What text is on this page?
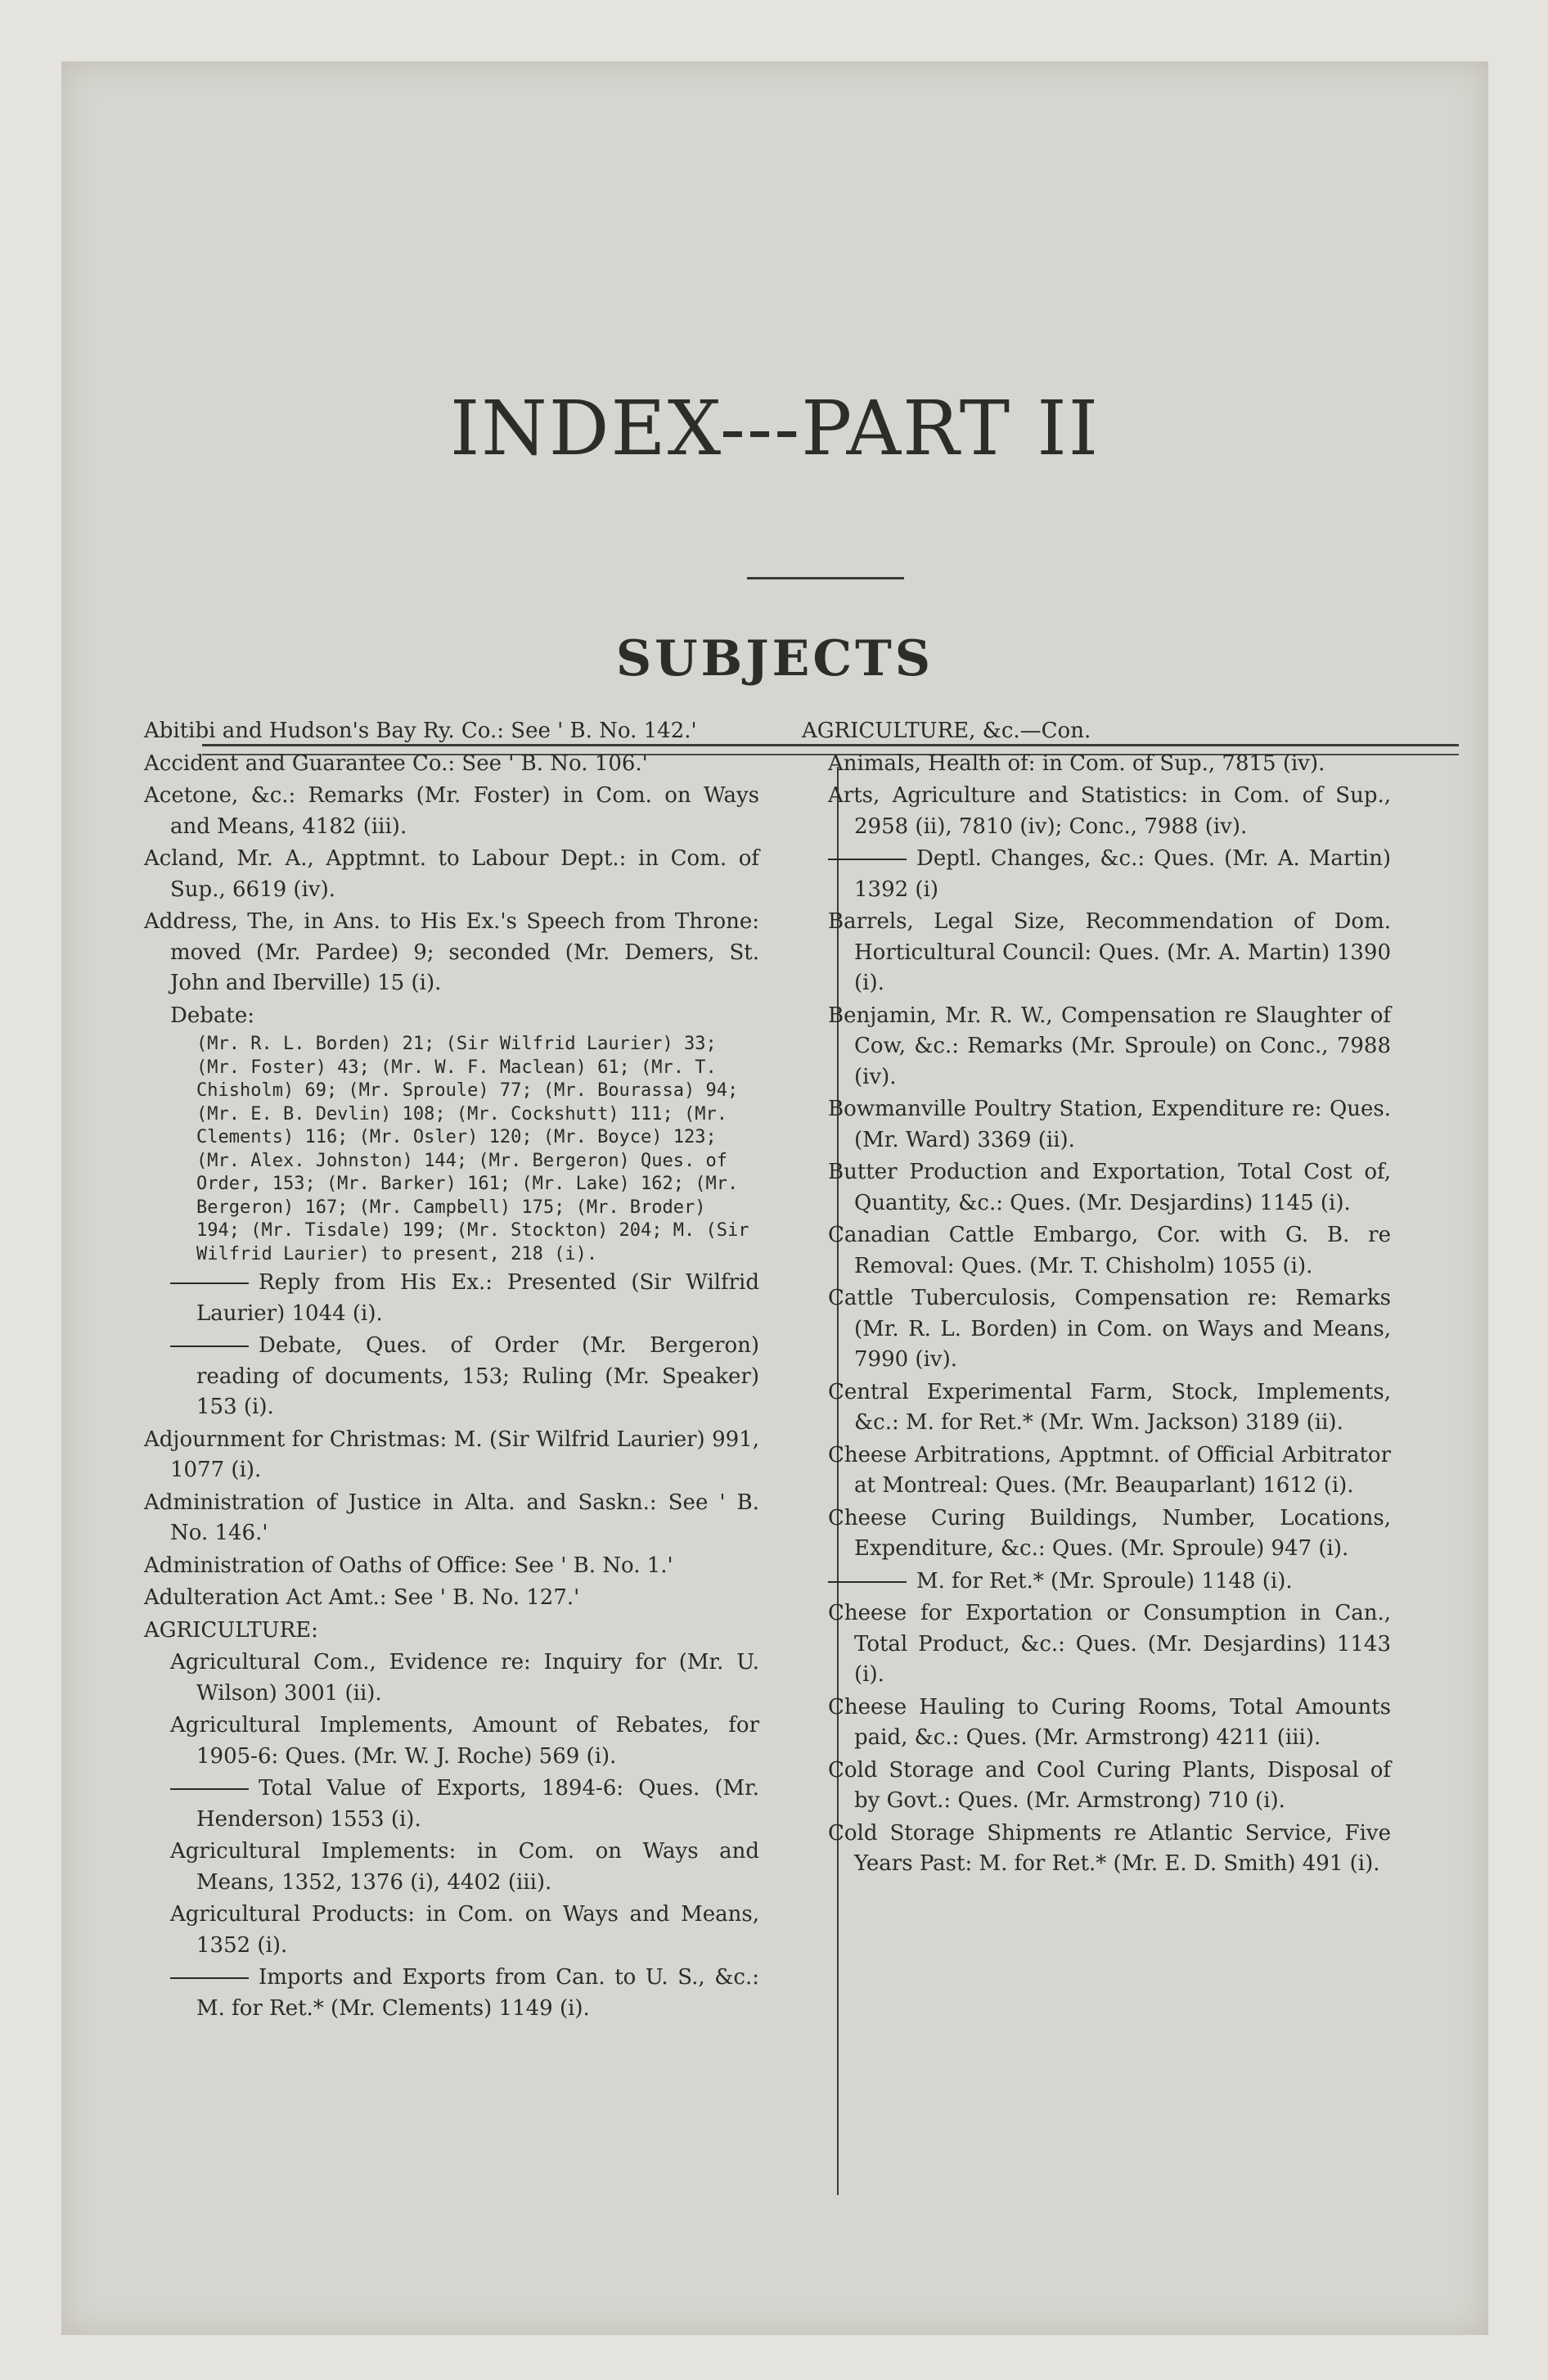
INDEX---PART II
SUBJECTS

Abitibi and Hudson's Bay Ry. Co.: See ' B. No. 142.'

Accident and Guarantee Co.: See ' B. No. 106.'

Acetone, &c.: Remarks (Mr. Foster) in Com. on Ways and Means, 4182 (iii).

Acland, Mr. A., Apptmnt. to Labour Dept.: in Com. of Sup., 6619 (iv).

Address, The, in Ans. to His Ex.'s Speech from Throne: moved (Mr. Pardee) 9; seconded (Mr. Demers, St. John and Iberville) 15 (i).

Debate:

(Mr. R. L. Borden) 21; (Sir Wilfrid Laurier) 33; (Mr. Foster) 43; (Mr. W. F. Maclean) 61; (Mr. T. Chisholm) 69; (Mr. Sproule) 77; (Mr. Bourassa) 94; (Mr. E. B. Devlin) 108; (Mr. Cockshutt) 111; (Mr. Clements) 116; (Mr. Osler) 120; (Mr. Boyce) 123; (Mr. Alex. Johnston) 144; (Mr. Bergeron) Ques. of Order, 153; (Mr. Barker) 161; (Mr. Lake) 162; (Mr. Bergeron) 167; (Mr. Campbell) 175; (Mr. Broder) 194; (Mr. Tisdale) 199; (Mr. Stockton) 204; M. (Sir Wilfrid Laurier) to present, 218 (i).

Reply from His Ex.: Presented (Sir Wilfrid Laurier) 1044 (i).

Debate, Ques. of Order (Mr. Bergeron) reading of documents, 153; Ruling (Mr. Speaker) 153 (i).

Adjournment for Christmas: M. (Sir Wilfrid Laurier) 991, 1077 (i).

Administration of Justice in Alta. and Saskn.: See ' B. No. 146.'

Administration of Oaths of Office: See ' B. No. 1.'

Adulteration Act Amt.: See ' B. No. 127.'

AGRICULTURE:

Agricultural Com., Evidence re: Inquiry for (Mr. U. Wilson) 3001 (ii).

Agricultural Implements, Amount of Rebates, for 1905-6: Ques. (Mr. W. J. Roche) 569 (i).

Total Value of Exports, 1894-6: Ques. (Mr. Henderson) 1553 (i).

Agricultural Implements: in Com. on Ways and Means, 1352, 1376 (i), 4402 (iii).

Agricultural Products: in Com. on Ways and Means, 1352 (i).

Imports and Exports from Can. to U. S., &c.: M. for Ret.* (Mr. Clements) 1149 (i).

AGRICULTURE, &c.—Con.

Animals, Health of: in Com. of Sup., 7815 (iv).

Arts, Agriculture and Statistics: in Com. of Sup., 2958 (ii), 7810 (iv); Conc., 7988 (iv).

Deptl. Changes, &c.: Ques. (Mr. A. Martin) 1392 (i)

Barrels, Legal Size, Recommendation of Dom. Horticultural Council: Ques. (Mr. A. Martin) 1390 (i).

Benjamin, Mr. R. W., Compensation re Slaughter of Cow, &c.: Remarks (Mr. Sproule) on Conc., 7988 (iv).

Bowmanville Poultry Station, Expenditure re: Ques. (Mr. Ward) 3369 (ii).

Butter Production and Exportation, Total Cost of, Quantity, &c.: Ques. (Mr. Desjardins) 1145 (i).

Canadian Cattle Embargo, Cor. with G. B. re Removal: Ques. (Mr. T. Chisholm) 1055 (i).

Cattle Tuberculosis, Compensation re: Remarks (Mr. R. L. Borden) in Com. on Ways and Means, 7990 (iv).

Central Experimental Farm, Stock, Implements, &c.: M. for Ret.* (Mr. Wm. Jackson) 3189 (ii).

Cheese Arbitrations, Apptmnt. of Official Arbitrator at Montreal: Ques. (Mr. Beauparlant) 1612 (i).

Cheese Curing Buildings, Number, Locations, Expenditure, &c.: Ques. (Mr. Sproule) 947 (i).

M. for Ret.* (Mr. Sproule) 1148 (i).

Cheese for Exportation or Consumption in Can., Total Product, &c.: Ques. (Mr. Desjardins) 1143 (i).

Cheese Hauling to Curing Rooms, Total Amounts paid, &c.: Ques. (Mr. Armstrong) 4211 (iii).

Cold Storage and Cool Curing Plants, Disposal of by Govt.: Ques. (Mr. Armstrong) 710 (i).

Cold Storage Shipments re Atlantic Service, Five Years Past: M. for Ret.* (Mr. E. D. Smith) 491 (i).
